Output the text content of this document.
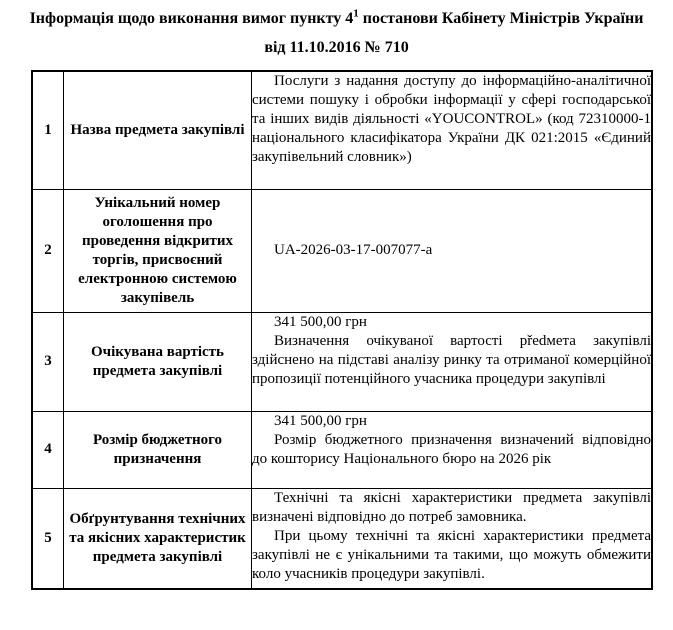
Інформація щодо виконання вимог пункту 4$^1$ постанови Кабінету Міністрів України
від 11.10.2016 № 710
1	Назва предмета закупівлі	Послуги з надання доступу до інформаційно-аналітичної системи пошуку і обробки інформації у сфері господарської та інших видів діяльності «YOUCONTROL» (код 72310000-1 національного класифікатора України ДК 021:2015 «Єдиний закупівельний словник»)

2	Унікальний номер оголошення про проведення відкритих торгів, присвоєний електронною системою закупівель	UA-2026-03-17-007077-a

3	Очікувана вартість предмета закупівлі	341 500,00 грн

Визначення очікуваної вартості předмета закупівлі здійснено на підставі аналізу ринку та отриманої комерційної пропозиції потенційного учасника процедури закупівлі

4	Розмір бюджетного призначення	341 500,00 грн

Розмір бюджетного призначення визначений відповідно до кошторису Національного бюро на 2026 рік

5	Обґрунтування технічних та якісних характеристик предмета закупівлі	Технічні та якісні характеристики предмета закупівлі визначені відповідно до потреб замовника.

При цьому технічні та якісні характеристики предмета закупівлі не є унікальними та такими, що можуть обмежити коло учасників процедури закупівлі.
